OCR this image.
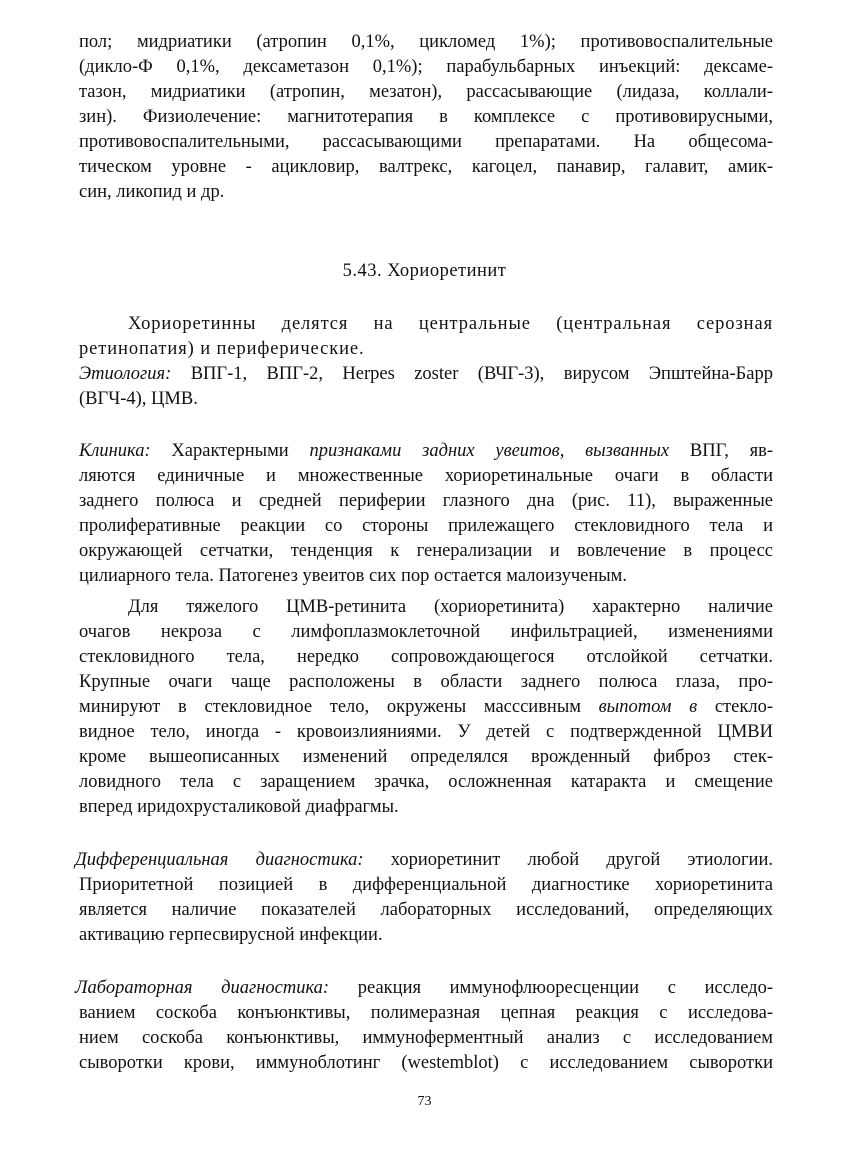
пол; мидриатики (атропин 0,1%, цикломед 1%); противовоспалительные
(дикло-Ф 0,1%, дексаметазон 0,1%); парабульбарных инъекций: дексаме-
тазон, мидриатики (атропин, мезатон), рассасывающие (лидаза, коллали-
зин). Физиолечение: магнитотерапия в комплексе с противовирусными,
противовоспалительными, рассасывающими препаратами. На общесома-
тическом уровне - ацикловир, валтрекс, кагоцел, панавир, галавит, амик-
син, ликопид и др.
5.43. Хориоретинит
Хориоретинны делятся на центральные (центральная серозная
ретинопатия) и периферические.
Этиология: ВПГ-1, ВПГ-2, Herpes zoster (ВЧГ-3), вирусом Эпштейна-Барр
(ВГЧ-4), ЦМВ.
Клиника: Характерными признаками задних увеитов, вызванных ВПГ, яв-
ляются единичные и множественные хориоретинальные очаги в области
заднего полюса и средней периферии глазного дна (рис. 11), выраженные
пролиферативные реакции со стороны прилежащего стекловидного тела и
окружающей сетчатки, тенденция к генерализации и вовлечение в процесс
цилиарного тела. Патогенез увеитов сих пор остается малоизученым.
Для тяжелого ЦМВ-ретинита (хориоретинита) характерно наличие
очагов некроза с лимфоплазмоклеточной инфильтрацией, изменениями
стекловидного тела, нередко сопровождающегося отслойкой сетчатки.
Крупные очаги чаще расположены в области заднего полюса глаза, про-
минируют в стекловидное тело, окружены масссивным выпотом в стекло-
видное тело, иногда - кровоизлияниями. У детей с подтвержденной ЦМВИ
кроме вышеописанных изменений определялся врожденный фиброз стек-
ловидного тела с заращением зрачка, осложненная катаракта и смещение
вперед иридохрусталиковой диафрагмы.
Дифференциальная диагностика: хориоретинит любой другой этиологии.
Приоритетной позицией в дифференциальной диагностике хориоретинита
является наличие показателей лабораторных исследований, определяющих
активацию герпесвирусной инфекции.
Лабораторная диагностика: реакция иммунофлюоресценции с исследо-
ванием соскоба конъюнктивы, полимеразная цепная реакция с исследова-
нием соскоба конъюнктивы, иммуноферментный анализ с исследованием
сыворотки крови, иммуноблотинг (westemblot) с исследованием сыворотки
73
